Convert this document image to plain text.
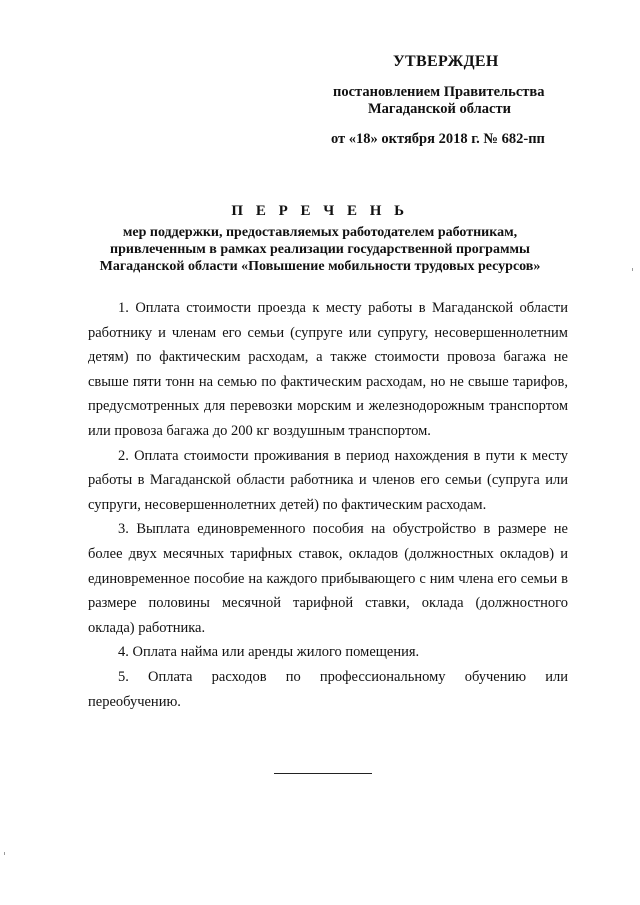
УТВЕРЖДЕН
постановлением Правительства
Магаданской области
от «18» октября 2018 г. № 682-пп
П Е Р Е Ч Е Н Ь
мер поддержки, предоставляемых работодателем работникам,
привлеченным в рамках реализации государственной программы
Магаданской области «Повышение мобильности трудовых ресурсов»

1. Оплата стоимости проезда к месту работы в Магаданской области работнику и членам его семьи (супруге или супругу, несовершеннолетним детям) по фактическим расходам, а также стоимости провоза багажа не свыше пяти тонн на семью по фактическим расходам, но не свыше тарифов, предусмотренных для перевозки морским и железнодорожным транспортом или провоза багажа до 200 кг воздушным транспортом.

2. Оплата стоимости проживания в период нахождения в пути к месту работы в Магаданской области работника и членов его семьи (супруга или супруги, несовершеннолетних детей) по фактическим расходам.

3. Выплата единовременного пособия на обустройство в размере не более двух месячных тарифных ставок, окладов (должностных окладов) и единовременное пособие на каждого прибывающего с ним члена его семьи в размере половины месячной тарифной ставки, оклада (должностного оклада) работника.

4. Оплата найма или аренды жилого помещения.

5. Оплата расходов по профессиональному обучению или переобучению.
